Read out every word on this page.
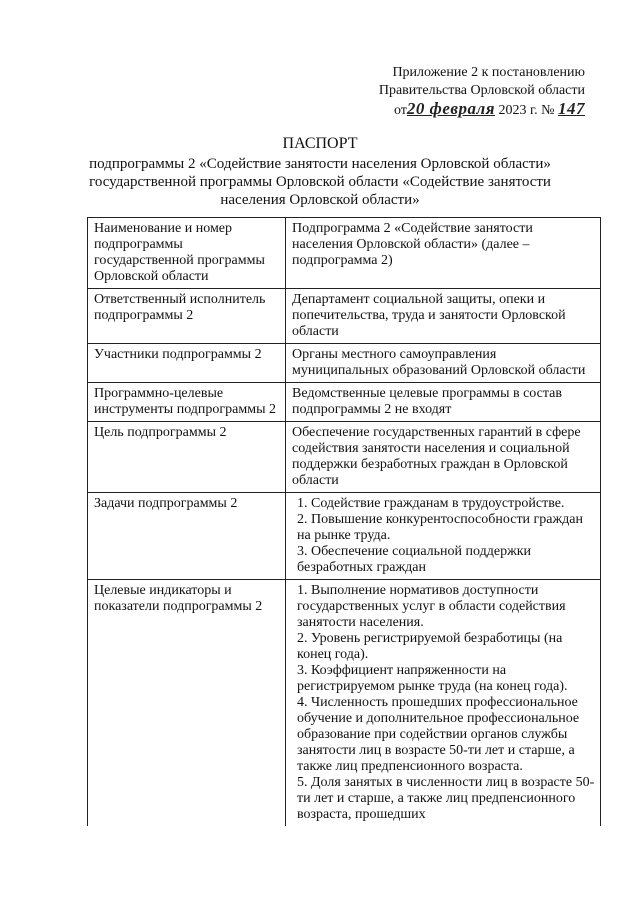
Приложение 2 к постановлению
Правительства Орловской области
от20 февраля 2023 г. № 147
ПАСПОРТ
подпрограммы 2 «Содействие занятости населения Орловской области»
государственной программы Орловской области «Содействие занятости
населения Орловской области»
Наименование и номер подпрограммы государственной программы Орловской области	Подпрограмма 2 «Содействие занятости населения Орловской области» (далее – подпрограмма 2)
Ответственный исполнитель подпрограммы 2	Департамент социальной защиты, опеки и попечительства, труда и занятости Орловской области
Участники подпрограммы 2	Органы местного самоуправления муниципальных образований Орловской области
Программно-целевые инструменты подпрограммы 2	Ведомственные целевые программы в состав подпрограммы 2 не входят
Цель подпрограммы 2	Обеспечение государственных гарантий в сфере содействия занятости населения и социальной поддержки безработных граждан в Орловской области
Задачи подпрограммы 2	1. Содействие гражданам в трудоустройстве.
2. Повышение конкурентоспособности граждан на рынке труда.
3. Обеспечение социальной поддержки безработных граждан

Целевые индикаторы и показатели подпрограммы 2	1. Выполнение нормативов доступности государственных услуг в области содействия занятости населения.
2. Уровень регистрируемой безработицы (на конец года).
3. Коэффициент напряженности на регистрируемом рынке труда (на конец года).
4. Численность прошедших профессиональное обучение и дополнительное профессиональное образование при содействии органов службы занятости лиц в возрасте 50-ти лет и старше, а также лиц предпенсионного возраста.
5. Доля занятых в численности лиц в возрасте 50-ти лет и старше, а также лиц предпенсионного возраста, прошедших
